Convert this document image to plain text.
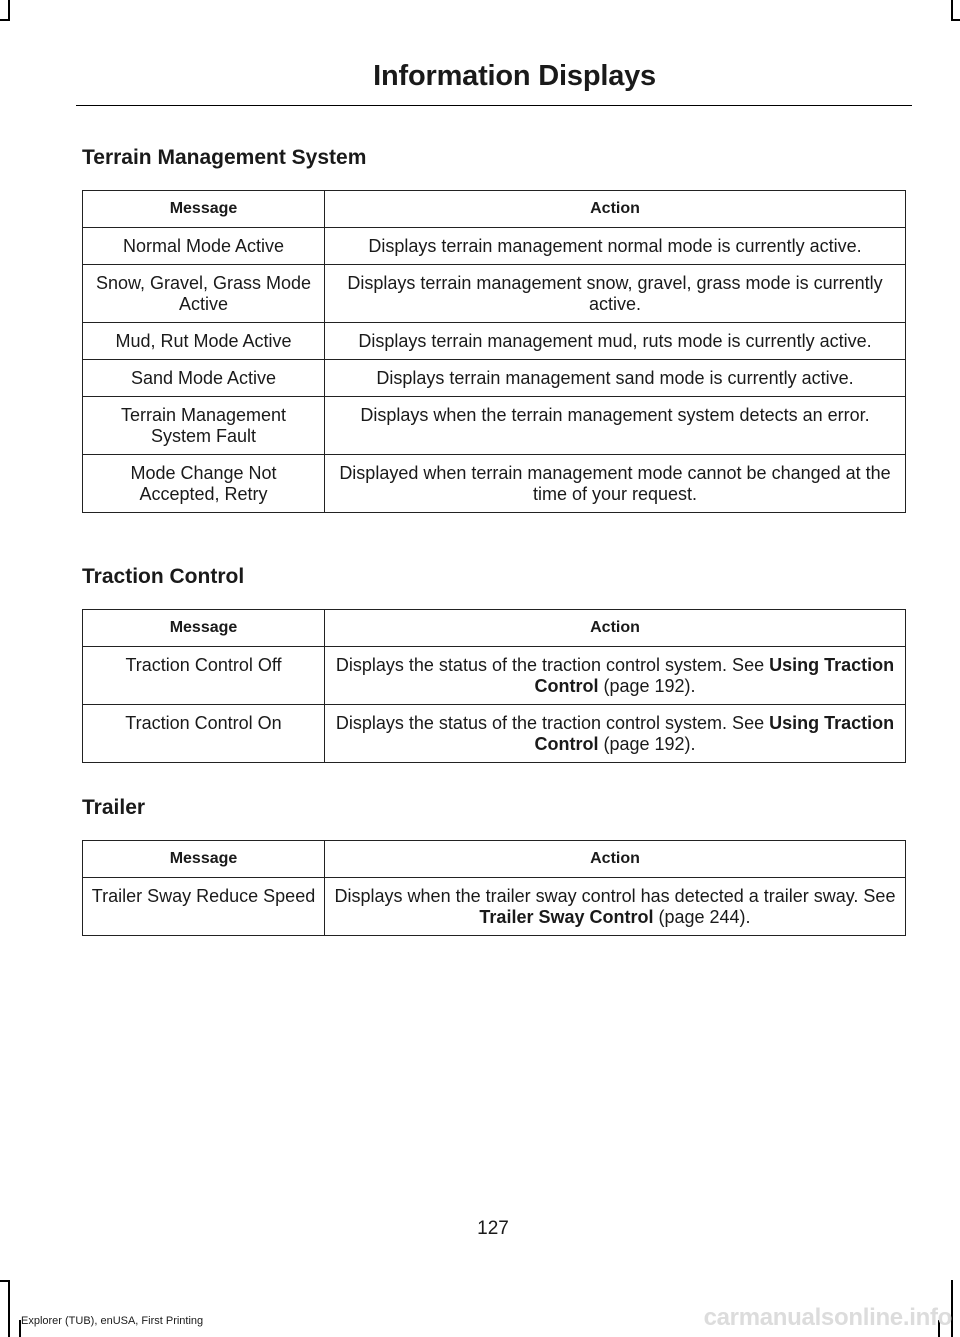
Information Displays
Terrain Management System
Message	Action
Normal Mode Active	Displays terrain management normal mode is currently active.
Snow, Gravel, Grass Mode Active	Displays terrain management snow, gravel, grass mode is currently active.
Mud, Rut Mode Active	Displays terrain management mud, ruts mode is currently active.
Sand Mode Active	Displays terrain management sand mode is currently active.
Terrain Management System Fault	Displays when the terrain management system detects an error.
Mode Change Not Accepted, Retry	Displayed when terrain management mode cannot be changed at the time of your request.
Traction Control
Message	Action
Traction Control Off	Displays the status of the traction control system. See Using Traction Control (page 192).
Traction Control On	Displays the status of the traction control system. See Using Traction Control (page 192).
Trailer
Message	Action
Trailer Sway Reduce Speed	Displays when the trailer sway control has detected a trailer sway. See Trailer Sway Control (page 244).
127
Explorer (TUB), enUSA, First Printing	carmanualsonline.info
